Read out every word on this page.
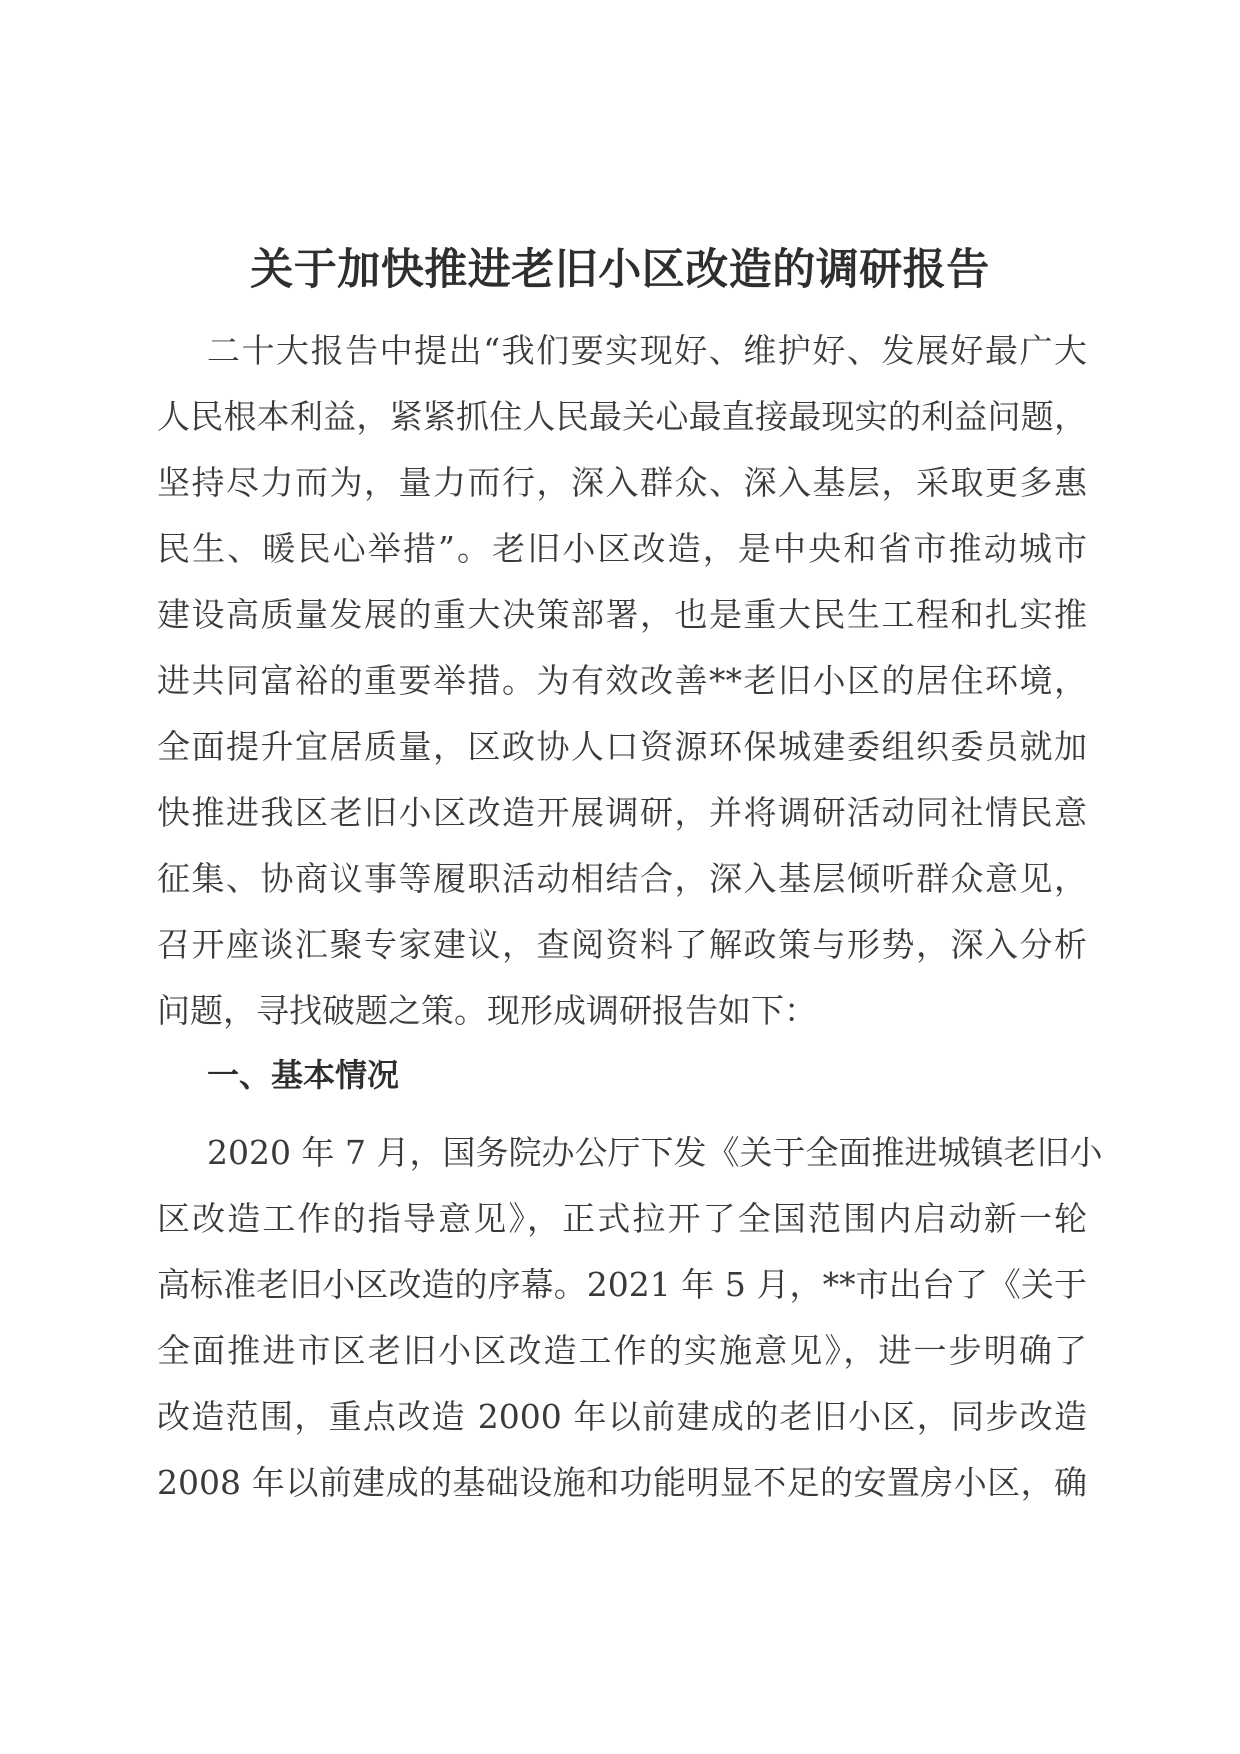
关于加快推进老旧小区改造的调研报告
二十大报告中提出“我们要实现好、维护好、发展好最广大
人民根本利益，紧紧抓住人民最关心最直接最现实的利益问题，
坚持尽力而为，量力而行，深入群众、深入基层，采取更多惠
民生、暖民心举措”。老旧小区改造，是中央和省市推动城市
建设高质量发展的重大决策部署，也是重大民生工程和扎实推
进共同富裕的重要举措。为有效改善**老旧小区的居住环境，
全面提升宜居质量，区政协人口资源环保城建委组织委员就加
快推进我区老旧小区改造开展调研，并将调研活动同社情民意
征集、协商议事等履职活动相结合，深入基层倾听群众意见，
召开座谈汇聚专家建议，查阅资料了解政策与形势，深入分析
问题，寻找破题之策。现形成调研报告如下：
一、基本情况
2020 年 7 月，国务院办公厅下发《关于全面推进城镇老旧小
区改造工作的指导意见》，正式拉开了全国范围内启动新一轮
高标准老旧小区改造的序幕。2021 年 5 月，**市出台了《关于
全面推进市区老旧小区改造工作的实施意见》，进一步明确了
改造范围，重点改造 2000 年以前建成的老旧小区，同步改造
2008 年以前建成的基础设施和功能明显不足的安置房小区，确
